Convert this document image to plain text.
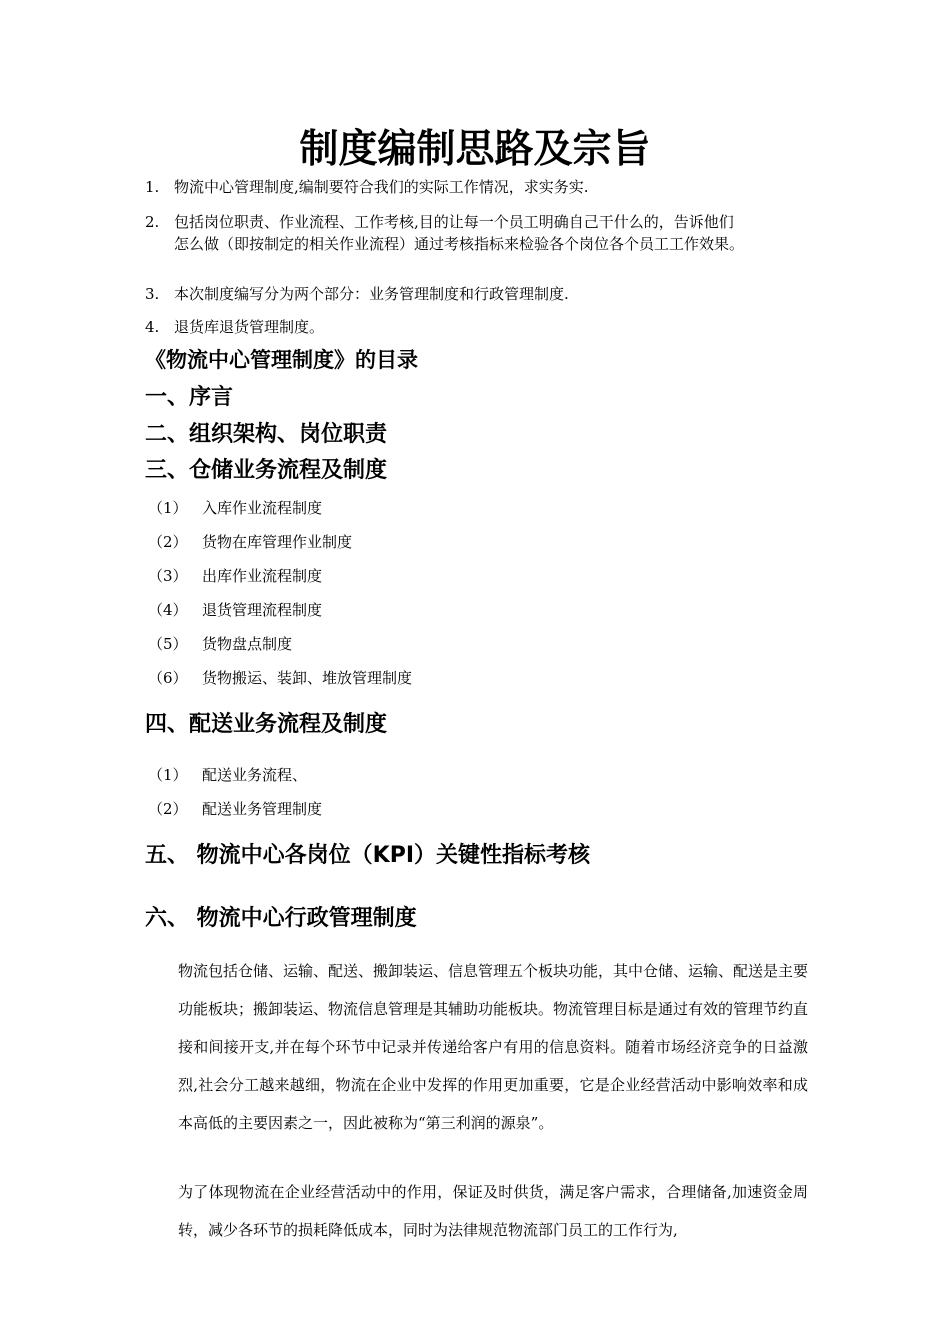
制度编制思路及宗旨
1. 物流中心管理制度,编制要符合我们的实际工作情况，求实务实.
2. 包括岗位职责、作业流程、工作考核,目的让每一个员工明确自己干什么的，告诉他们
怎么做（即按制定的相关作业流程）通过考核指标来检验各个岗位各个员工工作效果。
3. 本次制度编写分为两个部分：业务管理制度和行政管理制度.
4. 退货库退货管理制度。
《物流中心管理制度》的目录
一、序言
二、组织架构、岗位职责
三、仓储业务流程及制度
（1） 入库作业流程制度
（2） 货物在库管理作业制度
（3） 出库作业流程制度
（4） 退货管理流程制度
（5） 货物盘点制度
（6） 货物搬运、装卸、堆放管理制度
四、配送业务流程及制度
（1） 配送业务流程、
（2） 配送业务管理制度
五、 物流中心各岗位（KPI）关键性指标考核
六、 物流中心行政管理制度

物流包括仓储、运输、配送、搬卸装运、信息管理五个板块功能，其中仓储、运输、配送是主要功能板块；搬卸装运、物流信息管理是其辅助功能板块。物流管理目标是通过有效的管理节约直接和间接开支,并在每个环节中记录并传递给客户有用的信息资料。随着市场经济竞争的日益激烈,社会分工越来越细，物流在企业中发挥的作用更加重要，它是企业经营活动中影响效率和成本高低的主要因素之一，因此被称为“第三利润的源泉”。

为了体现物流在企业经营活动中的作用，保证及时供货，满足客户需求，合理储备,加速资金周转，减少各环节的损耗降低成本，同时为法律规范物流部门员工的工作行为,
